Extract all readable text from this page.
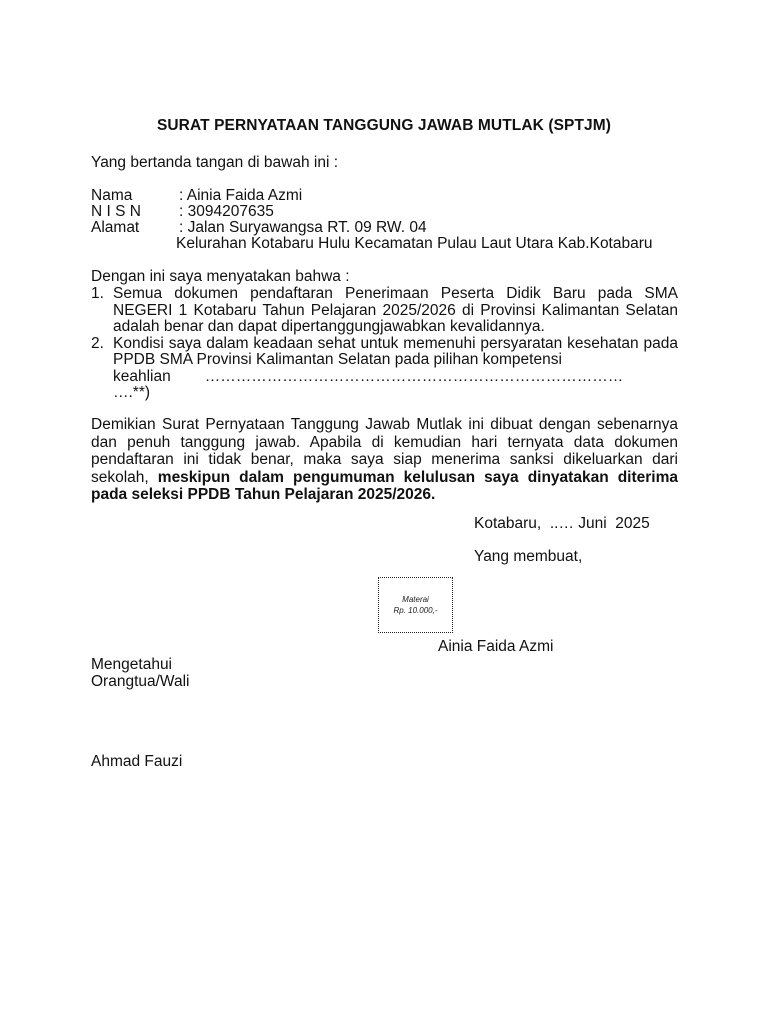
SURAT PERNYATAAN TANGGUNG JAWAB MUTLAK (SPTJM)
Yang bertanda tangan di bawah ini :
Nama	: Ainia Faida Azmi
N I S N : 3094207635
Alamat	: Jalan Suryawangsa RT. 09 RW. 04
Kelurahan Kotabaru Hulu Kecamatan Pulau Laut Utara Kab.Kotabaru
Dengan ini saya menyatakan bahwa :
1. Semua dokumen pendaftaran Penerimaan Peserta Didik Baru pada SMA NEGERI 1 Kotabaru Tahun Pelajaran 2025/2026 di Provinsi Kalimantan Selatan adalah benar dan dapat dipertanggungjawabkan kevalidannya.
2. Kondisi saya dalam keadaan sehat untuk memenuhi persyaratan kesehatan pada PPDB SMA Provinsi Kalimantan Selatan pada pilihan kompetensi
keahlian ………………………………………………………………………
….**)
Demikian Surat Pernyataan Tanggung Jawab Mutlak ini dibuat dengan sebenarnya dan penuh tanggung jawab. Apabila di kemudian hari ternyata data dokumen pendaftaran ini tidak benar, maka saya siap menerima sanksi dikeluarkan dari sekolah, meskipun dalam pengumuman kelulusan saya dinyatakan diterima pada seleksi PPDB Tahun Pelajaran 2025/2026.
Kotabaru,  ..… Juni  2025
Yang membuat,
Materai
Rp. 10.000,-
Ainia Faida Azmi
Mengetahui
Orangtua/Wali
Ahmad Fauzi
